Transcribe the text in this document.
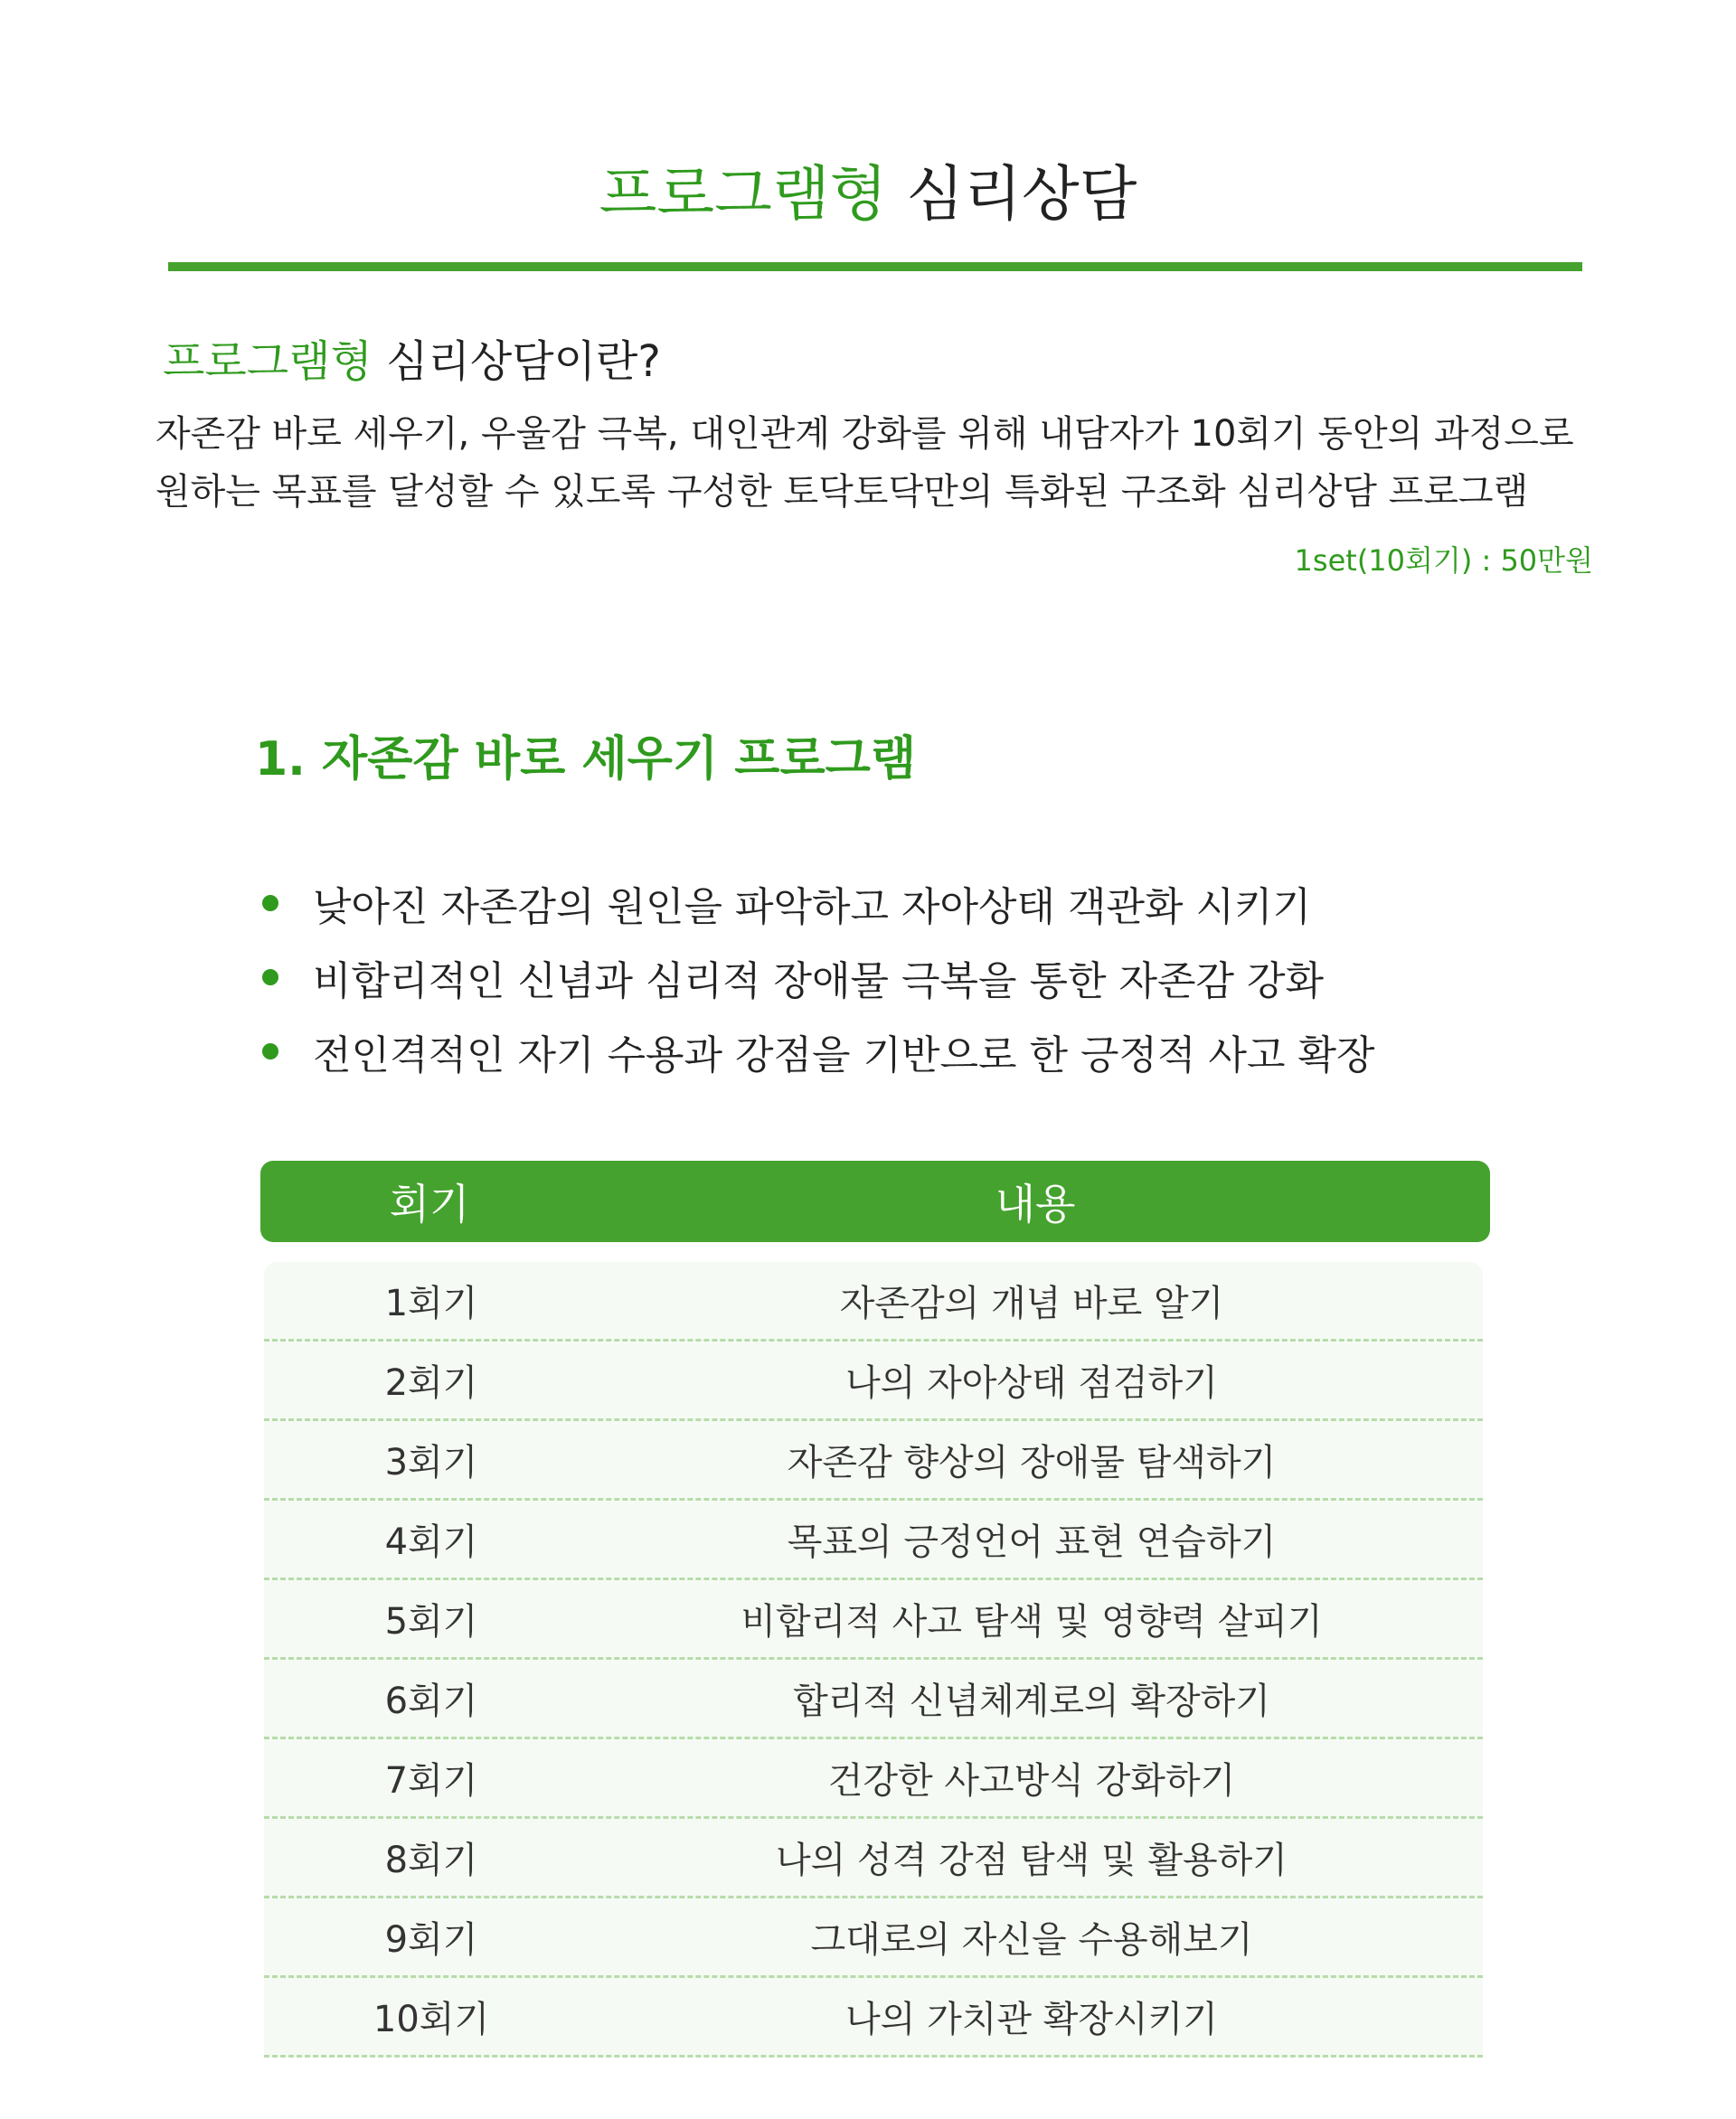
프로그램형 심리상담
프로그램형 심리상담이란?
자존감 바로 세우기, 우울감 극복, 대인관계 강화를 위해 내담자가 10회기 동안의 과정으로
원하는 목표를 달성할 수 있도록 구성한 토닥토닥만의 특화된 구조화 심리상담 프로그램
1set(10회기) : 50만원
1. 자존감 바로 세우기 프로그램
낮아진 자존감의 원인을 파악하고 자아상태 객관화 시키기
비합리적인 신념과 심리적 장애물 극복을 통한 자존감 강화
전인격적인 자기 수용과 강점을 기반으로 한 긍정적 사고 확장
회기	내용
1회기	자존감의 개념 바로 알기
2회기	나의 자아상태 점검하기
3회기	자존감 향상의 장애물 탐색하기
4회기	목표의 긍정언어 표현 연습하기
5회기	비합리적 사고 탐색 및 영향력 살피기
6회기	합리적 신념체계로의 확장하기
7회기	건강한 사고방식 강화하기
8회기	나의 성격 강점 탐색 및 활용하기
9회기	그대로의 자신을 수용해보기
10회기	나의 가치관 확장시키기
